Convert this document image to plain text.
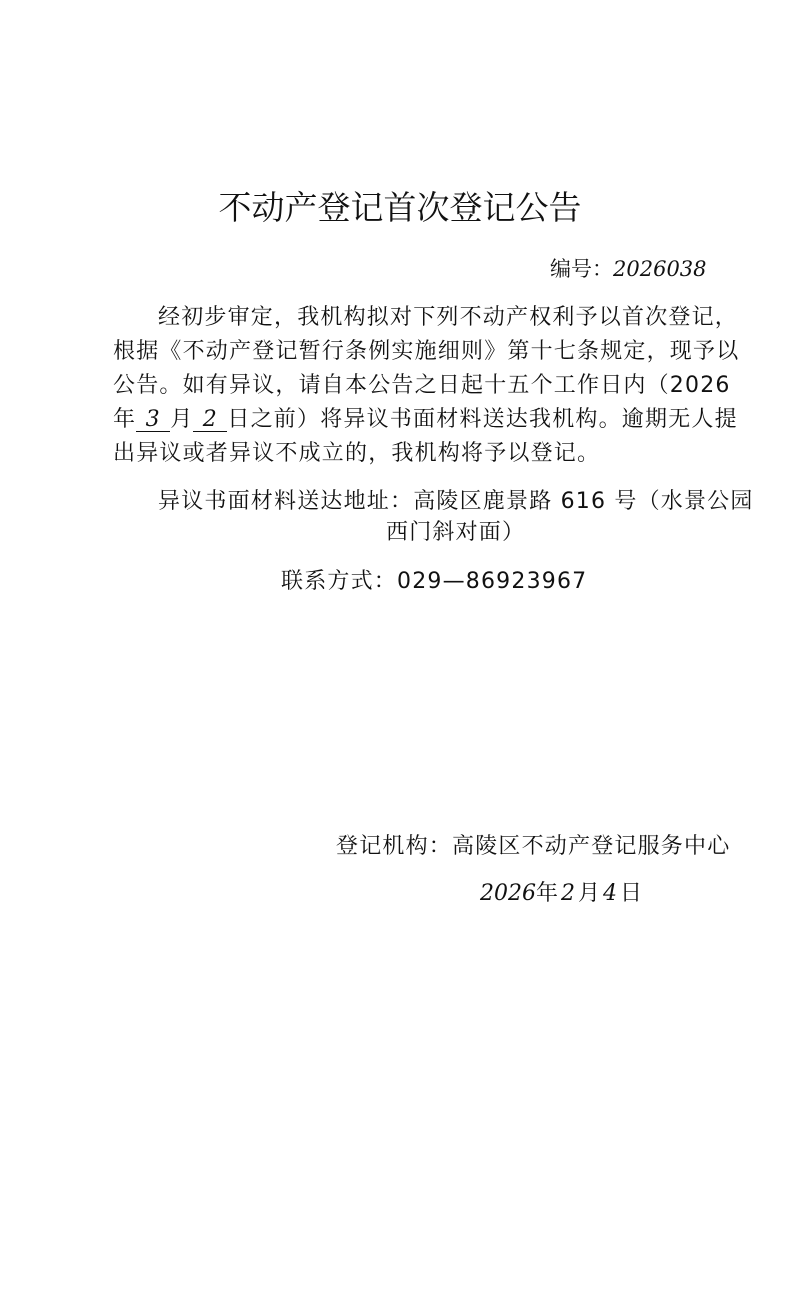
不动产登记首次登记公告
编号：2026038
经初步审定，我机构拟对下列不动产权利予以首次登记，
根据《不动产登记暂行条例实施细则》第十七条规定，现予以
公告。如有异议，请自本公告之日起十五个工作日内（2026
年 3 月 2 日之前）将异议书面材料送达我机构。逾期无人提
出异议或者异议不成立的，我机构将予以登记。
异议书面材料送达地址：高陵区鹿景路 616 号（水景公园
西门斜对面）
联系方式：029—86923967
登记机构：高陵区不动产登记服务中心
2026年 2 月 4 日
